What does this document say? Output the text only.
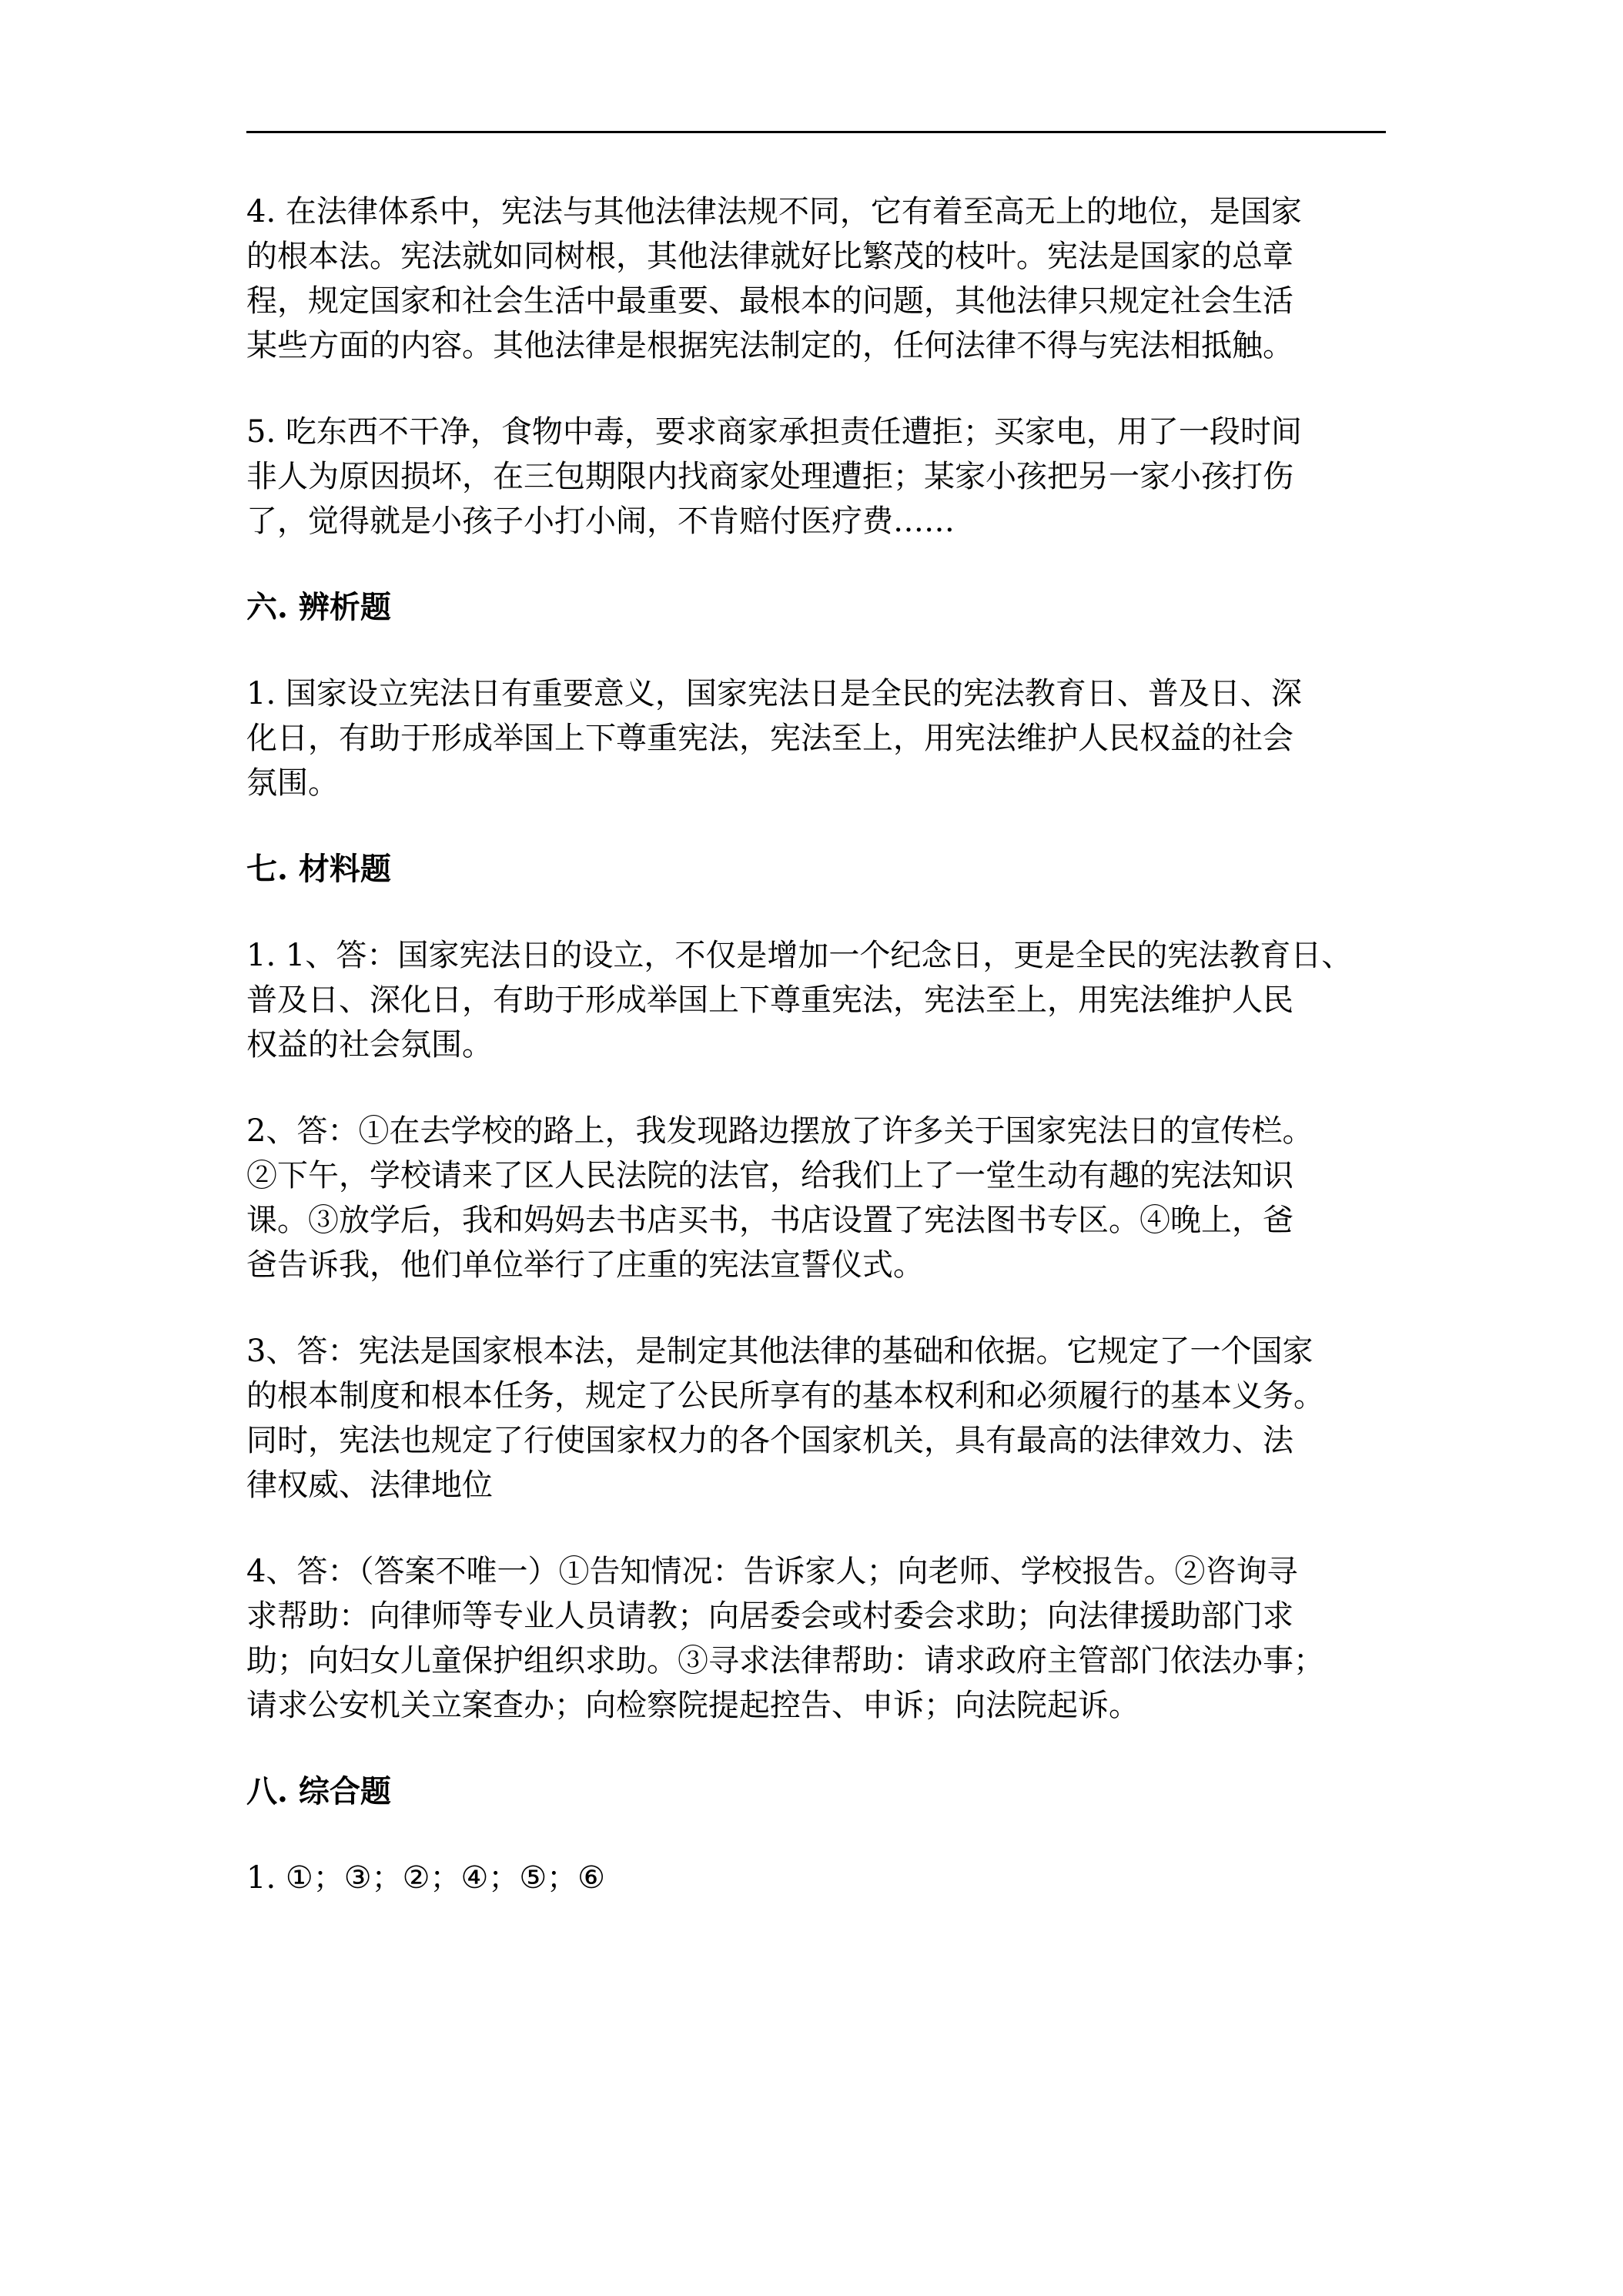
4. 在法律体系中，宪法与其他法律法规不同，它有着至高无上的地位，是国家
的根本法。宪法就如同树根，其他法律就好比繁茂的枝叶。宪法是国家的总章
程，规定国家和社会生活中最重要、最根本的问题，其他法律只规定社会生活
某些方面的内容。其他法律是根据宪法制定的，任何法律不得与宪法相抵触。

5. 吃东西不干净，食物中毒，要求商家承担责任遭拒；买家电，用了一段时间
非人为原因损坏，在三包期限内找商家处理遭拒；某家小孩把另一家小孩打伤
了，觉得就是小孩子小打小闹，不肯赔付医疗费……

六. 辨析题

1. 国家设立宪法日有重要意义，国家宪法日是全民的宪法教育日、普及日、深
化日，有助于形成举国上下尊重宪法，宪法至上，用宪法维护人民权益的社会
氛围。

七. 材料题

1. 1、答：国家宪法日的设立，不仅是增加一个纪念日，更是全民的宪法教育日、
普及日、深化日，有助于形成举国上下尊重宪法，宪法至上，用宪法维护人民
权益的社会氛围。

2、答：①在去学校的路上，我发现路边摆放了许多关于国家宪法日的宣传栏。
②下午，学校请来了区人民法院的法官，给我们上了一堂生动有趣的宪法知识
课。③放学后，我和妈妈去书店买书，书店设置了宪法图书专区。④晚上，爸
爸告诉我，他们单位举行了庄重的宪法宣誓仪式。

3、答：宪法是国家根本法，是制定其他法律的基础和依据。它规定了一个国家
的根本制度和根本任务，规定了公民所享有的基本权利和必须履行的基本义务。
同时，宪法也规定了行使国家权力的各个国家机关，具有最高的法律效力、法
律权威、法律地位

4、答：（答案不唯一）①告知情况：告诉家人；向老师、学校报告。②咨询寻
求帮助：向律师等专业人员请教；向居委会或村委会求助；向法律援助部门求
助；向妇女儿童保护组织求助。③寻求法律帮助：请求政府主管部门依法办事；
请求公安机关立案查办；向检察院提起控告、申诉；向法院起诉。

八. 综合题

1. ①；③；②；④；⑤；⑥
